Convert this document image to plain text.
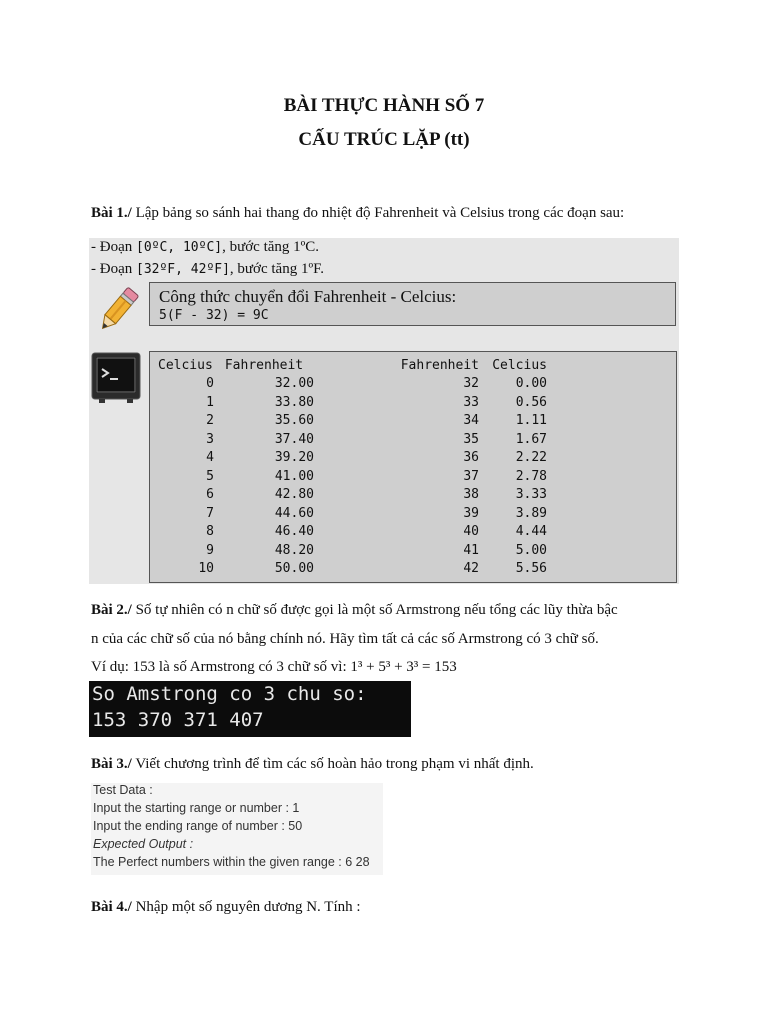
BÀI THỰC HÀNH SỐ 7
CẤU TRÚC LẶP (tt)
Bài 1./ Lập bảng so sánh hai thang đo nhiệt độ Fahrenheit và Celsius trong các đoạn sau:
- Đoạn [0ºC, 10ºC], bước tăng 1ºC.
- Đoạn [32ºF, 42ºF], bước tăng 1ºF.
Công thức chuyển đổi Fahrenheit - Celcius:
5(F - 32) = 9C
Celcius	Fahrenheit	Fahrenheit	Celcius
0	32.00	32	0.00
1	33.80	33	0.56
2	35.60	34	1.11
3	37.40	35	1.67
4	39.20	36	2.22
5	41.00	37	2.78
6	42.80	38	3.33
7	44.60	39	3.89
8	46.40	40	4.44
9	48.20	41	5.00
10	50.00	42	5.56
Bài 2./ Số tự nhiên có n chữ số được gọi là một số Armstrong nếu tổng các lũy thừa bậc
n của các chữ số của nó bằng chính nó. Hãy tìm tất cả các số Armstrong có 3 chữ số.
Ví dụ: 153 là số Armstrong có 3 chữ số vì: 1³ + 5³ + 3³ = 153
So Amstrong co 3 chu so:
153 370 371 407
Bài 3./ Viết chương trình để tìm các số hoàn hảo trong phạm vi nhất định.
Test Data :
Input the starting range or number : 1
Input the ending range of number : 50
Expected Output :
The Perfect numbers within the given range : 6 28
Bài 4./ Nhập một số nguyên dương N. Tính :
